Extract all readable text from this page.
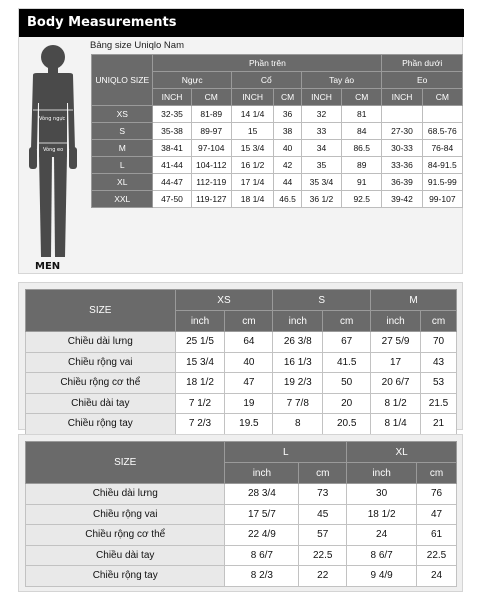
Body Measurements
Vòng ngực
Vòng eo
MEN
Bảng size Uniqlo Nam
UNIQLO SIZE	Phần trên						Phần dưới	
	Ngực		Cổ		Tay áo		Eo	
	INCH	CM	INCH	CM	INCH	CM	INCH	CM
XS	32-35	81-89	14 1/4	36	32	81		
S	35-38	89-97	15	38	33	84	27-30	68.5-76
M	38-41	97-104	15 3/4	40	34	86.5	30-33	76-84
L	41-44	104-112	16 1/2	42	35	89	33-36	84-91.5
XL	44-47	112-119	17 1/4	44	35 3/4	91	36-39	91.5-99
XXL	47-50	119-127	18 1/4	46.5	36 1/2	92.5	39-42	99-107
SIZE	XS		S		M	
	inch	cm	inch	cm	inch	cm
Chiều dài lưng	25 1/5	64	26 3/8	67	27 5/9	70
Chiều rộng vai	15 3/4	40	16 1/3	41.5	17	43
Chiều rộng cơ thể	18 1/2	47	19 2/3	50	20 6/7	53
Chiều dài tay	7 1/2	19	7 7/8	20	8 1/2	21.5
Chiều rộng tay	7 2/3	19.5	8	20.5	8 1/4	21
SIZE	L		XL	
	inch	cm	inch	cm
Chiều dài lưng	28 3/4	73	30	76
Chiều rộng vai	17 5/7	45	18 1/2	47
Chiều rộng cơ thể	22 4/9	57	24	61
Chiều dài tay	8 6/7	22.5	8 6/7	22.5
Chiều rộng tay	8 2/3	22	9 4/9	24
